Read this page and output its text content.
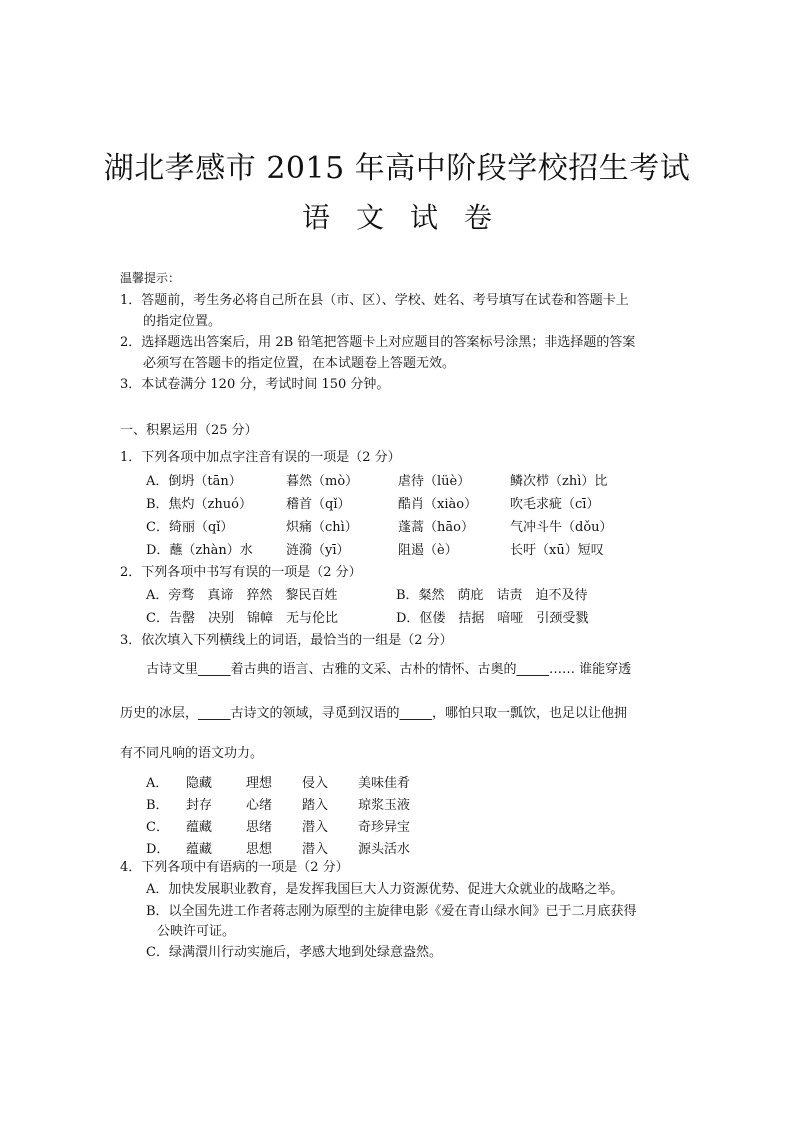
湖北孝感市 2015 年高中阶段学校招生考试
语文试卷
温馨提示：
1．答题前，考生务必将自己所在县（市、区）、学校、姓名、考号填写在试卷和答题卡上
的指定位置。
2．选择题选出答案后，用 2B 铅笔把答题卡上对应题目的答案标号涂黑；非选择题的答案
必须写在答题卡的指定位置，在本试题卷上答题无效。
3．本试卷满分 120 分，考试时间 150 分钟。
一、积累运用（25 分）
1．下列各项中加点字注音有误的一项是（2 分）
A．倒坍（tān）	暮然（mò）	虐待（lüè）	鳞次栉（zhì）比
B．焦灼（zhuó）	稽首（qǐ）	酷肖（xiào）	吹毛求疵（cī）
C．绮丽（qǐ）	炽痛（chì）	蓬蒿（hāo）	气冲斗牛（dǒu）
D．蘸（zhàn）水	涟漪（yī）	阻遏（è）	长吁（xū）短叹
2．下列各项中书写有误的一项是（2 分）
A．旁骛　真谛　猝然　黎民百姓	B．粲然　荫庇　诘责　迫不及待
C．告罄　决别　锦幛　无与伦比	D．伛偻　拮据　喑哑　引颈受戮
3．依次填入下列横线上的词语，最恰当的一组是（2 分）
古诗文里_____着古典的语言、古雅的文采、古朴的情怀、古奥的_____…… 谁能穿透
历史的冰层，_____古诗文的领域，寻觅到汉语的_____，哪怕只取一瓢饮，也足以让他拥
有不同凡响的语文功力。
A．	隐藏	理想	侵入	美味佳肴
B．	封存	心绪	踏入	琼浆玉液
C．	蕴藏	思绪	潜入	奇珍异宝
D．	蕴藏	思想	潜入	源头活水
4．下列各项中有语病的一项是（2 分）
A．加快发展职业教育，是发挥我国巨大人力资源优势、促进大众就业的战略之举。
B．以全国先进工作者蒋志刚为原型的主旋律电影《爱在青山绿水间》已于二月底获得
公映许可证。
C．绿满澴川行动实施后，孝感大地到处绿意盎然。
